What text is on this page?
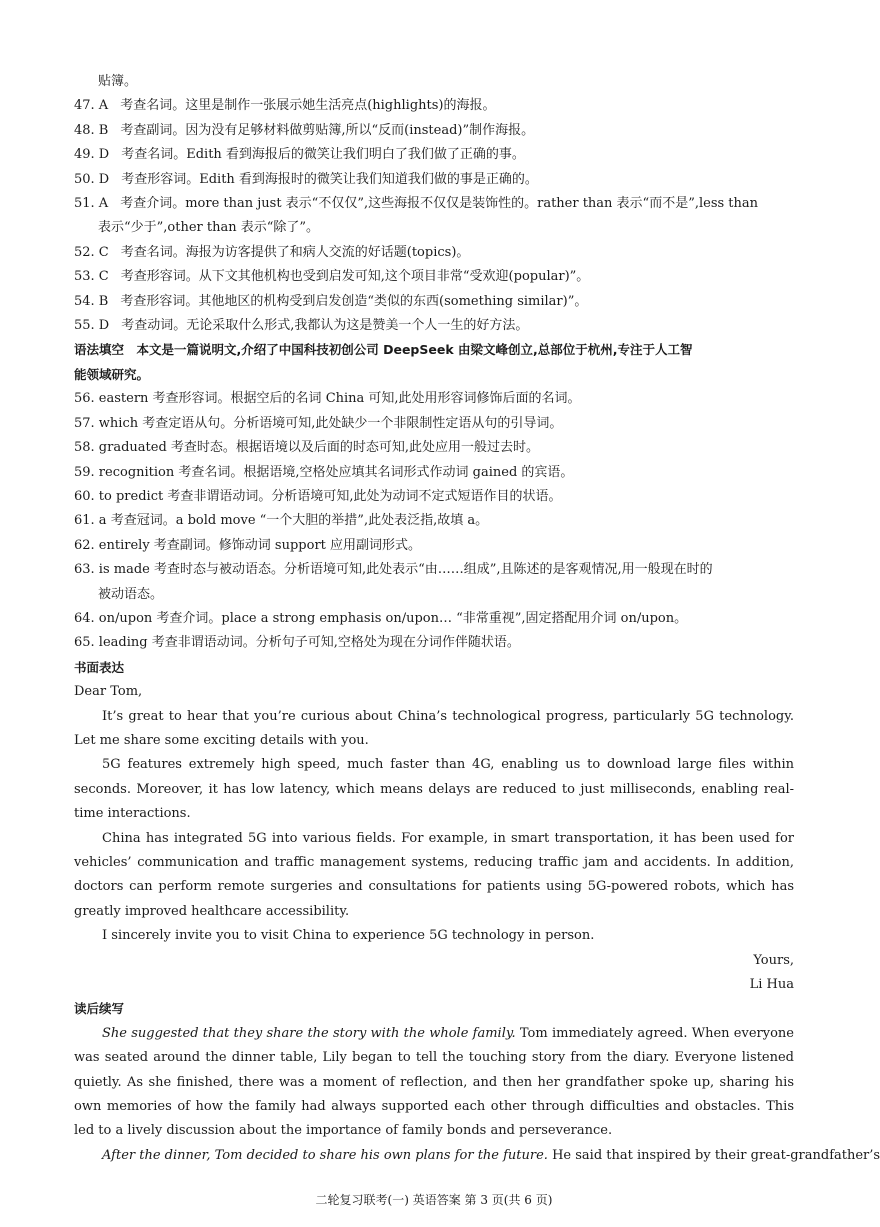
贴簿。
47. A 考查名词。这里是制作一张展示她生活亮点(highlights)的海报。
48. B 考查副词。因为没有足够材料做剪贴簿,所以“反而(instead)”制作海报。
49. D 考查名词。Edith 看到海报后的微笑让我们明白了我们做了正确的事。
50. D 考查形容词。Edith 看到海报时的微笑让我们知道我们做的事是正确的。
51. A 考查介词。more than just 表示“不仅仅”,这些海报不仅仅是装饰性的。rather than 表示“而不是”,less than
表示“少于”,other than 表示“除了”。
52. C 考查名词。海报为访客提供了和病人交流的好话题(topics)。
53. C 考查形容词。从下文其他机构也受到启发可知,这个项目非常“受欢迎(popular)”。
54. B 考查形容词。其他地区的机构受到启发创造“类似的东西(something similar)”。
55. D 考查动词。无论采取什么形式,我都认为这是赞美一个人一生的好方法。
语法填空　本文是一篇说明文,介绍了中国科技初创公司 DeepSeek 由梁文峰创立,总部位于杭州,专注于人工智
能领域研究。
56. eastern 考查形容词。根据空后的名词 China 可知,此处用形容词修饰后面的名词。
57. which 考查定语从句。分析语境可知,此处缺少一个非限制性定语从句的引导词。
58. graduated 考查时态。根据语境以及后面的时态可知,此处应用一般过去时。
59. recognition 考查名词。根据语境,空格处应填其名词形式作动词 gained 的宾语。
60. to predict 考查非谓语动词。分析语境可知,此处为动词不定式短语作目的状语。
61. a 考查冠词。a bold move “一个大胆的举措”,此处表泛指,故填 a。
62. entirely 考查副词。修饰动词 support 应用副词形式。
63. is made 考查时态与被动语态。分析语境可知,此处表示“由……组成”,且陈述的是客观情况,用一般现在时的
被动语态。
64. on/upon 考查介词。place a strong emphasis on/upon… “非常重视”,固定搭配用介词 on/upon。
65. leading 考查非谓语动词。分析句子可知,空格处为现在分词作伴随状语。
书面表达
Dear Tom,
It’s great to hear that you’re curious about China’s technological progress, particularly 5G technology. Let me share some exciting details with you.
5G features extremely high speed, much faster than 4G, enabling us to download large files within seconds. Moreover, it has low latency, which means delays are reduced to just milliseconds, enabling real-time interactions.
China has integrated 5G into various fields. For example, in smart transportation, it has been used for vehicles’ communication and traffic management systems, reducing traffic jam and accidents. In addition, doctors can perform remote surgeries and consultations for patients using 5G-powered robots, which has greatly improved healthcare accessibility.
I sincerely invite you to visit China to experience 5G technology in person.
Yours,
Li Hua
读后续写
She suggested that they share the story with the whole family. Tom immediately agreed. When everyone was seated around the dinner table, Lily began to tell the touching story from the diary. Everyone listened quietly. As she finished, there was a moment of reflection, and then her grandfather spoke up, sharing his own memories of how the family had always supported each other through difficulties and obstacles. This led to a lively discussion about the importance of family bonds and perseverance.
After the dinner, Tom decided to share his own plans for the future. He said that inspired by their great-grandfather’s
二轮复习联考(一) 英语答案 第 3 页(共 6 页)
